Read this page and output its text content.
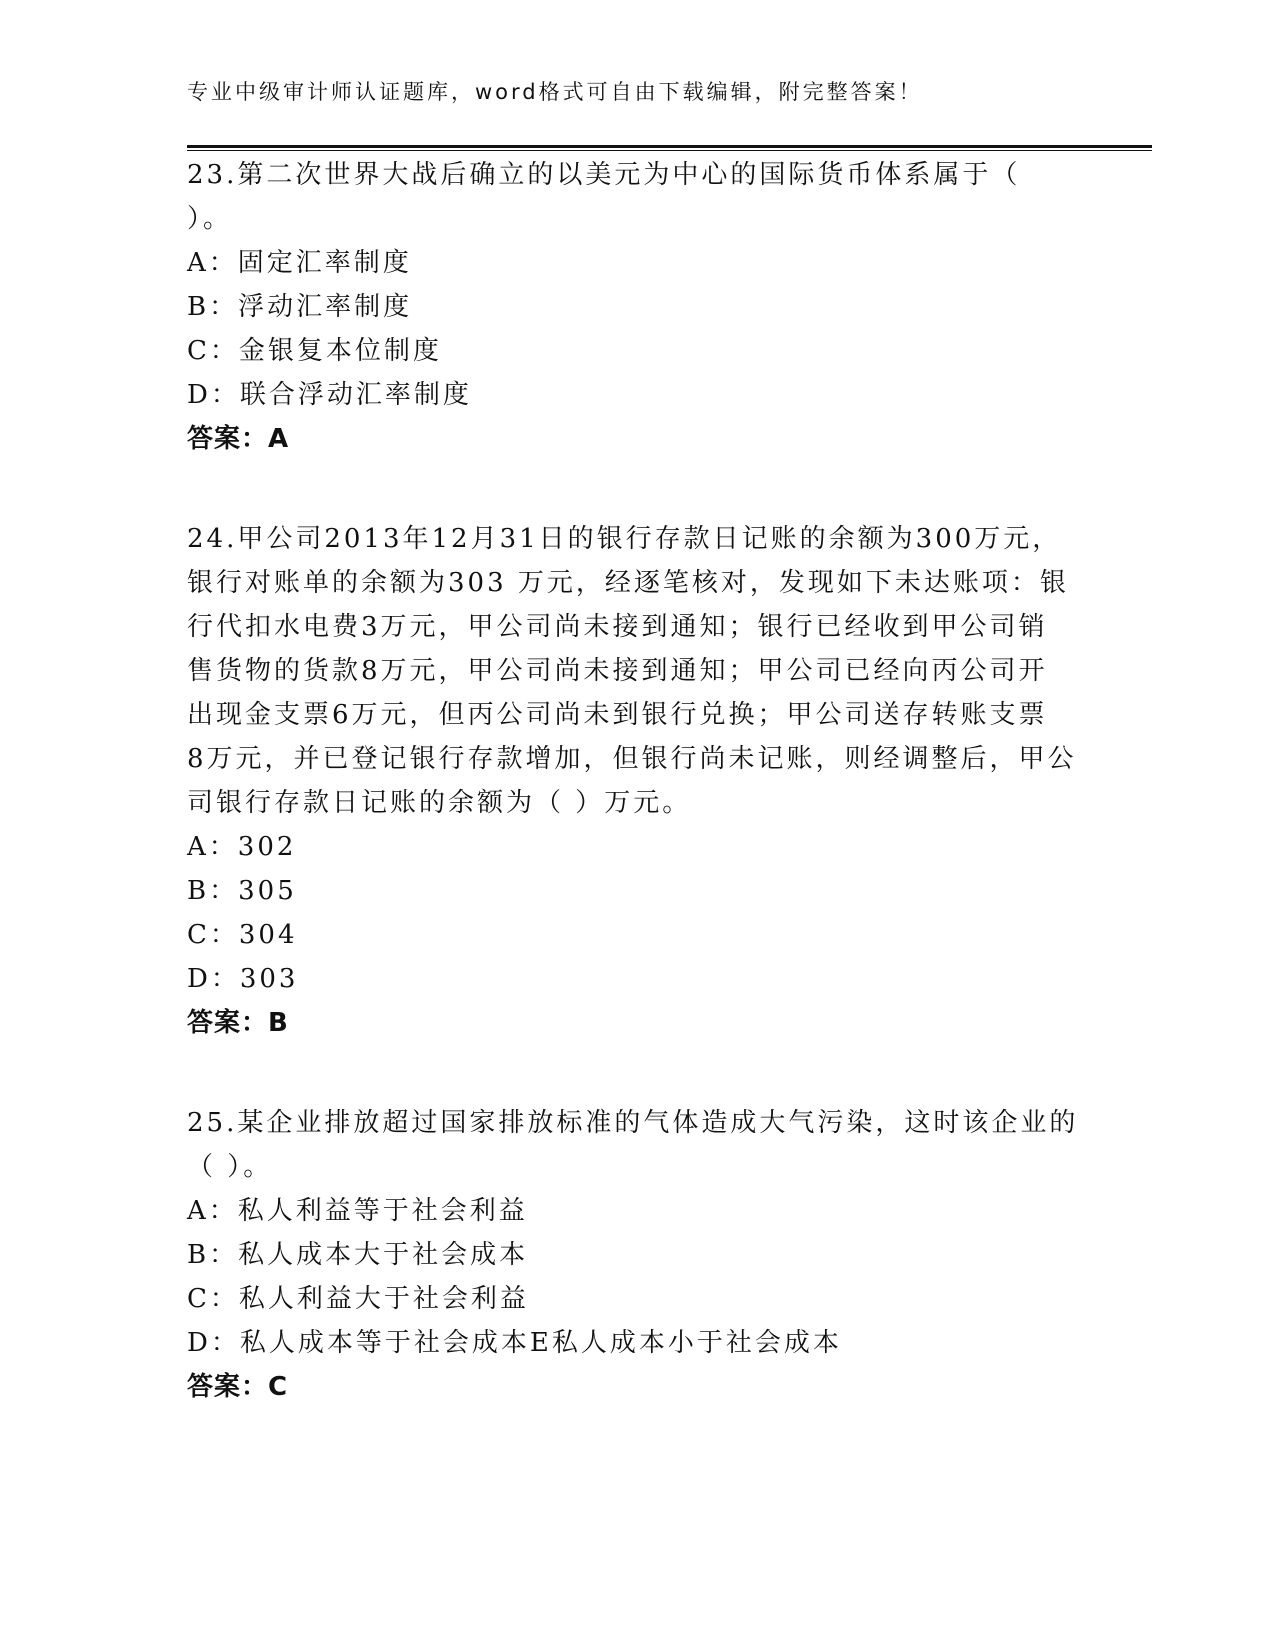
专业中级审计师认证题库，word格式可自由下载编辑，附完整答案！
23.第二次世界大战后确立的以美元为中心的国际货币体系属于（
）。
A：固定汇率制度
B：浮动汇率制度
C：金银复本位制度
D：联合浮动汇率制度
答案：A
24.甲公司2013年12月31日的银行存款日记账的余额为300万元，
银行对账单的余额为303 万元，经逐笔核对，发现如下未达账项：银
行代扣水电费3万元，甲公司尚未接到通知；银行已经收到甲公司销
售货物的货款8万元，甲公司尚未接到通知；甲公司已经向丙公司开
出现金支票6万元，但丙公司尚未到银行兑换；甲公司送存转账支票
8万元，并已登记银行存款增加，但银行尚未记账，则经调整后，甲公
司银行存款日记账的余额为（ ）万元。
A：302
B：305
C：304
D：303
答案：B
25.某企业排放超过国家排放标准的气体造成大气污染，这时该企业的
（ ）。
A：私人利益等于社会利益
B：私人成本大于社会成本
C：私人利益大于社会利益
D：私人成本等于社会成本E私人成本小于社会成本
答案：C
